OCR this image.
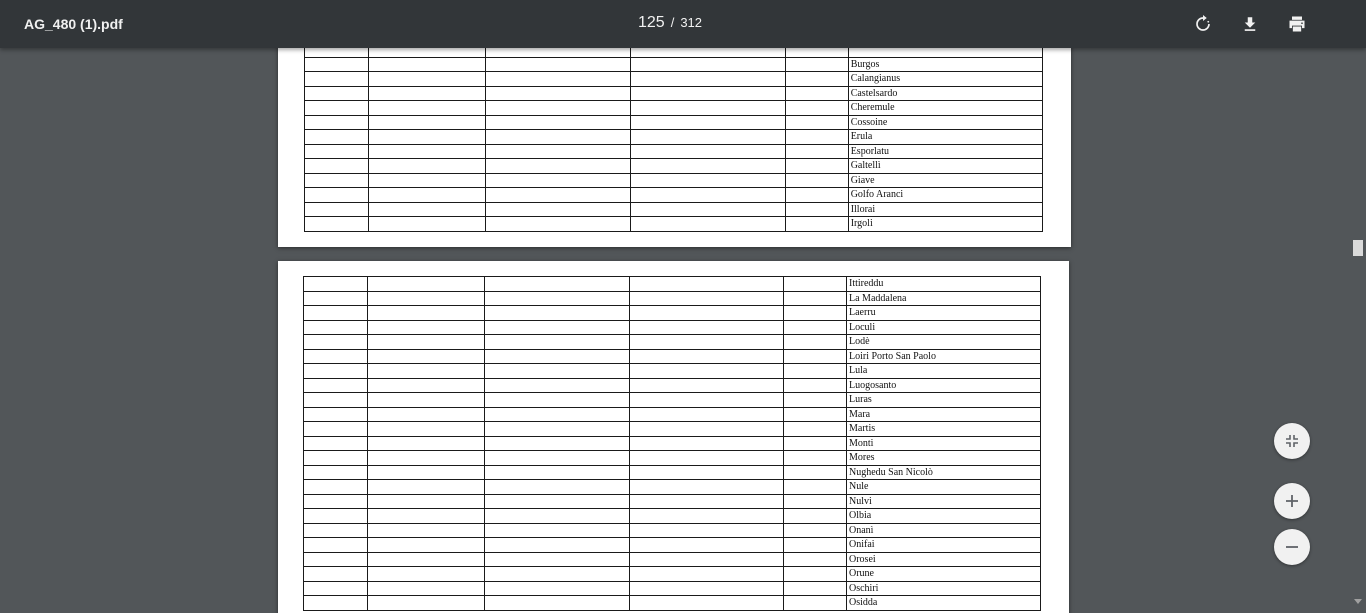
AG_480 (1).pdf	125 / 312

					Burgos
					Calangianus
					Castelsardo
					Cheremule
					Cossoine
					Erula
					Esporlatu
					Galtellì
					Giave
					Golfo Aranci
					Illorai
					Irgoli
					Ittireddu
					La Maddalena
					Laerru
					Loculi
					Lodè
					Loiri Porto San Paolo
					Lula
					Luogosanto
					Luras
					Mara
					Martis
					Monti
					Mores
					Nughedu San Nicolò
					Nule
					Nulvi
					Olbia
					Onanì
					Onifai
					Orosei
					Orune
					Oschiri
					Osidda
